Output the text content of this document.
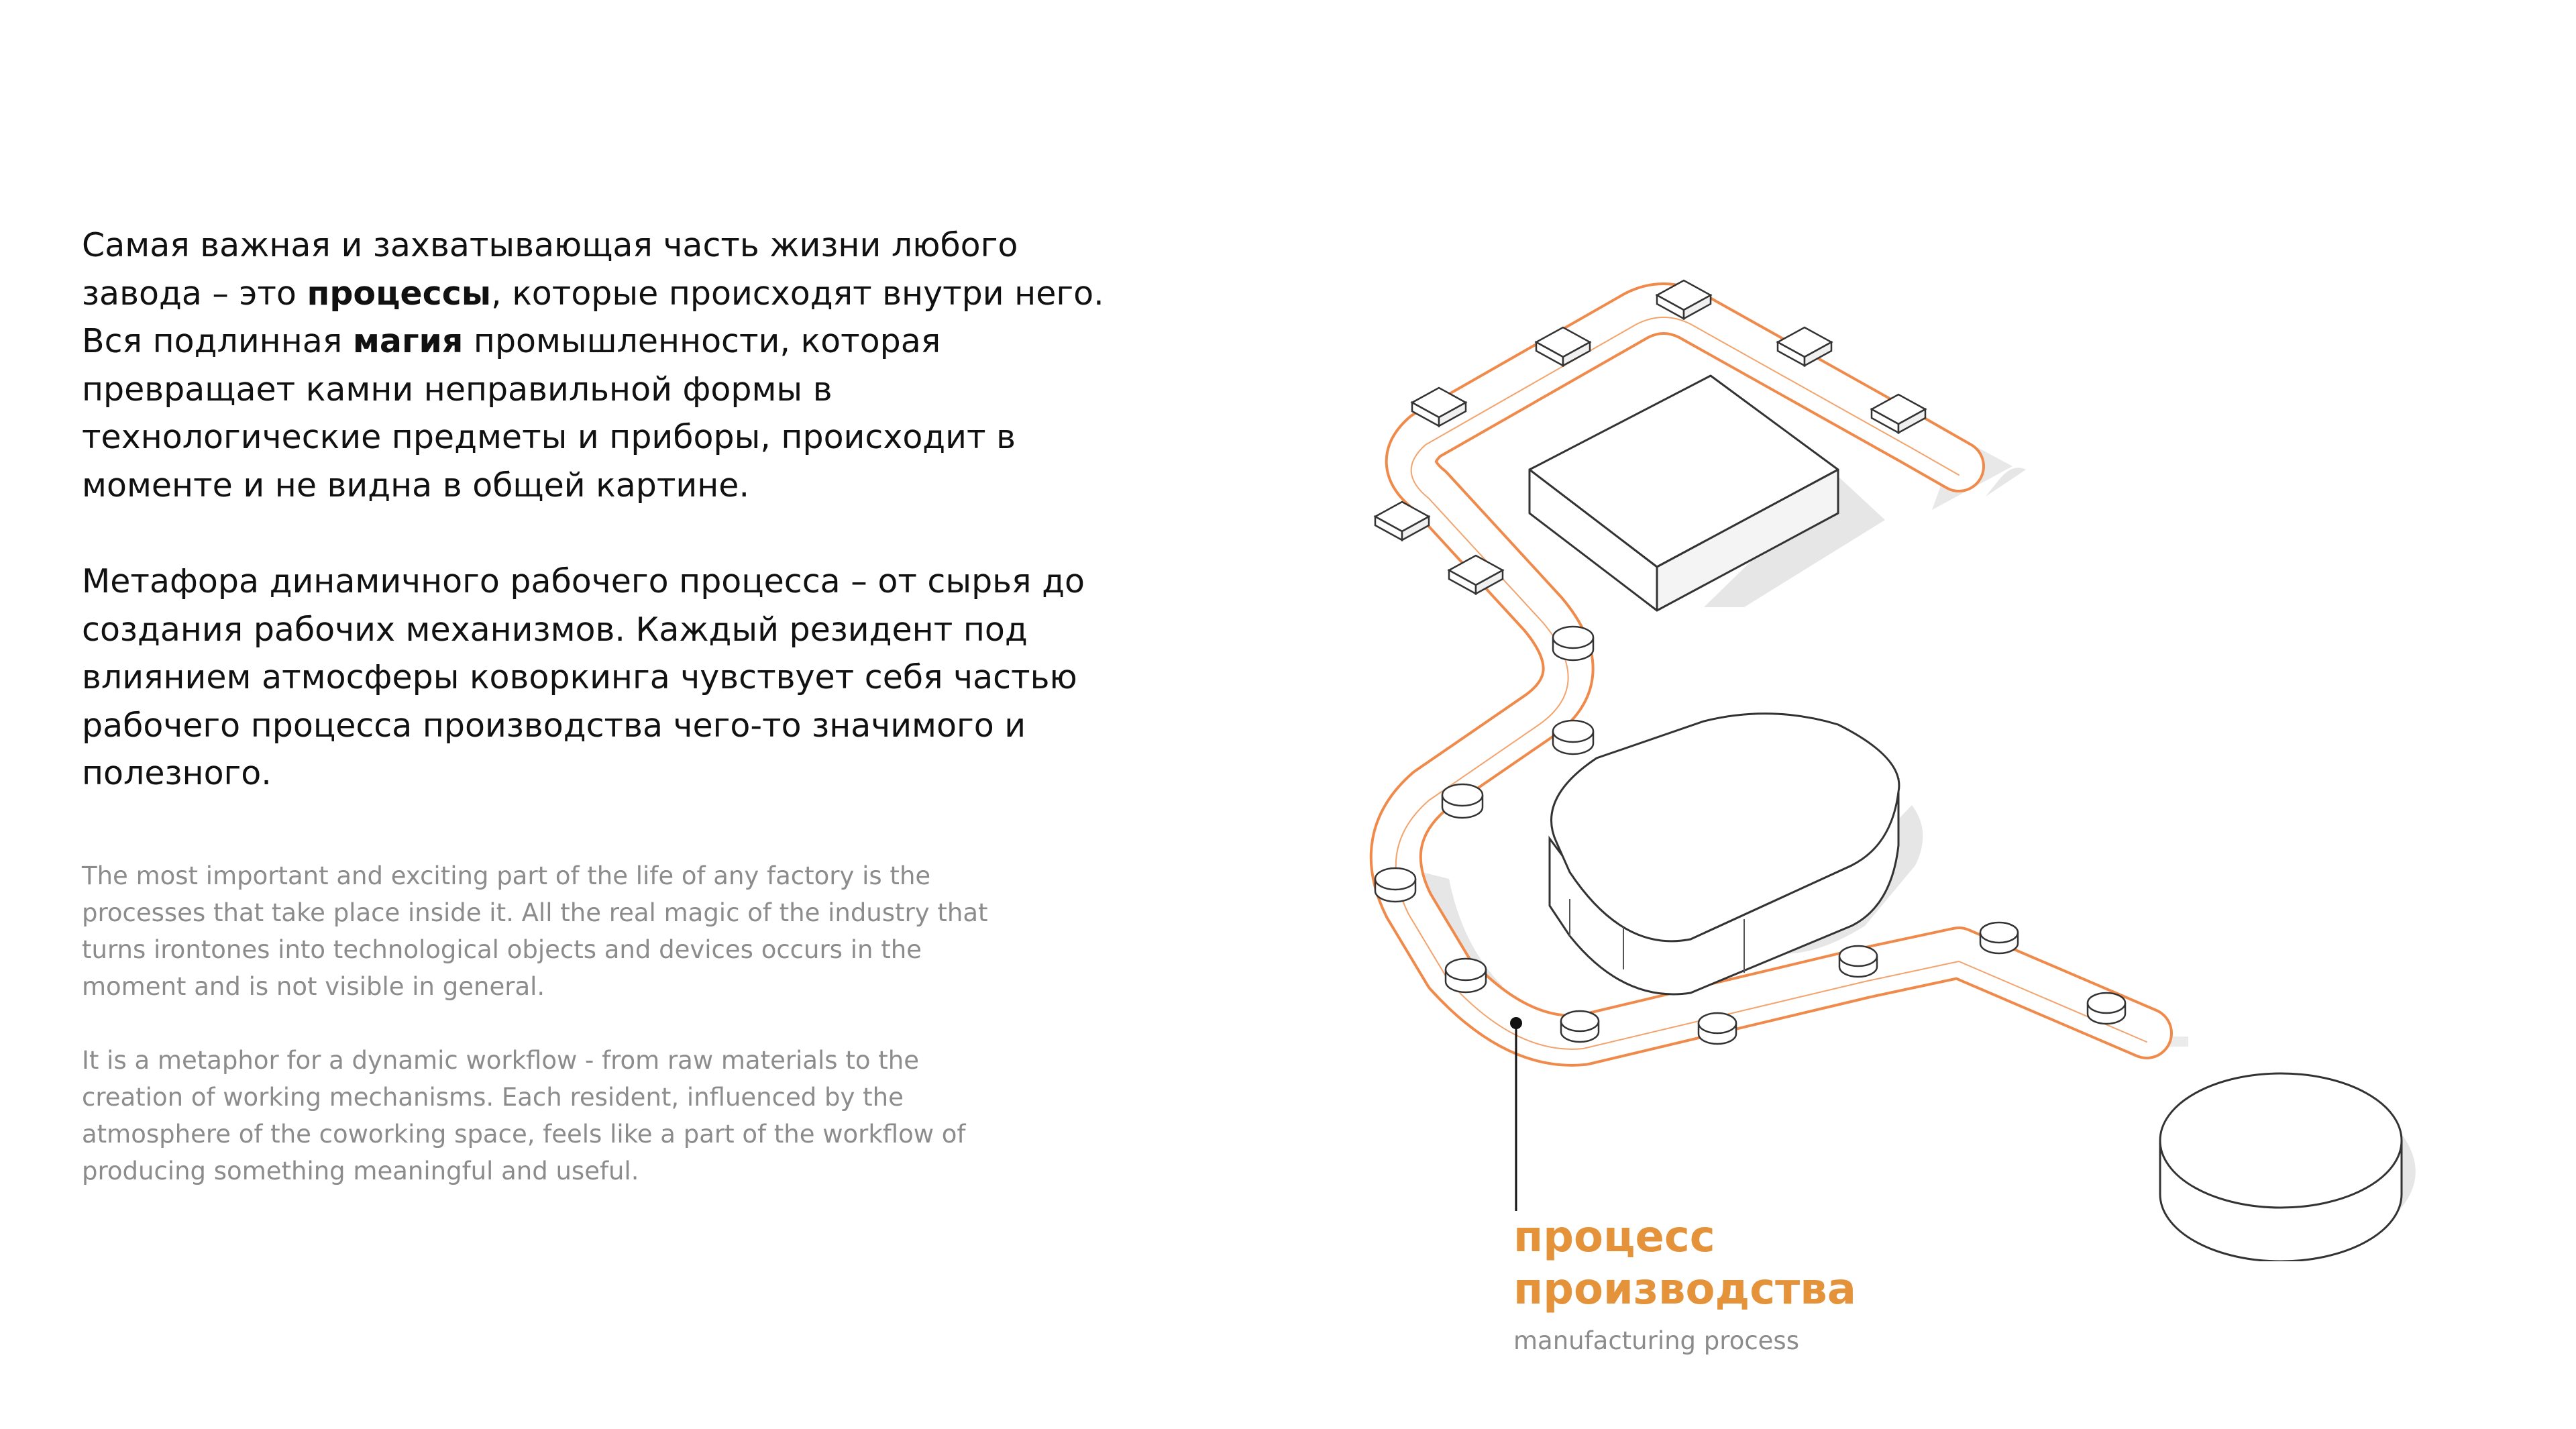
Самая важная и захватывающая часть жизни любого завода – это процессы, которые происходят внутри него. Вся подлинная магия промышленности, которая превращает камни неправильной формы в технологические предметы и приборы, происходит в моменте и не видна в общей картине.

Метафора динамичного рабочего процесса – от сырья до создания рабочих механизмов. Каждый резидент под влиянием атмосферы коворкинга чувствует себя частью рабочего процесса производства чего-то значимого и полезного.

The most important and exciting part of the life of any factory is the processes that take place inside it. All the real magic of the industry that turns irontones into technological objects and devices occurs in the moment and is not visible in general.

It is a metaphor for a dynamic workflow - from raw materials to the creation of working mechanisms. Each resident, influenced by the atmosphere of the coworking space, feels like a part of the workflow of producing something meaningful and useful.

процесс
производства
manufacturing process
